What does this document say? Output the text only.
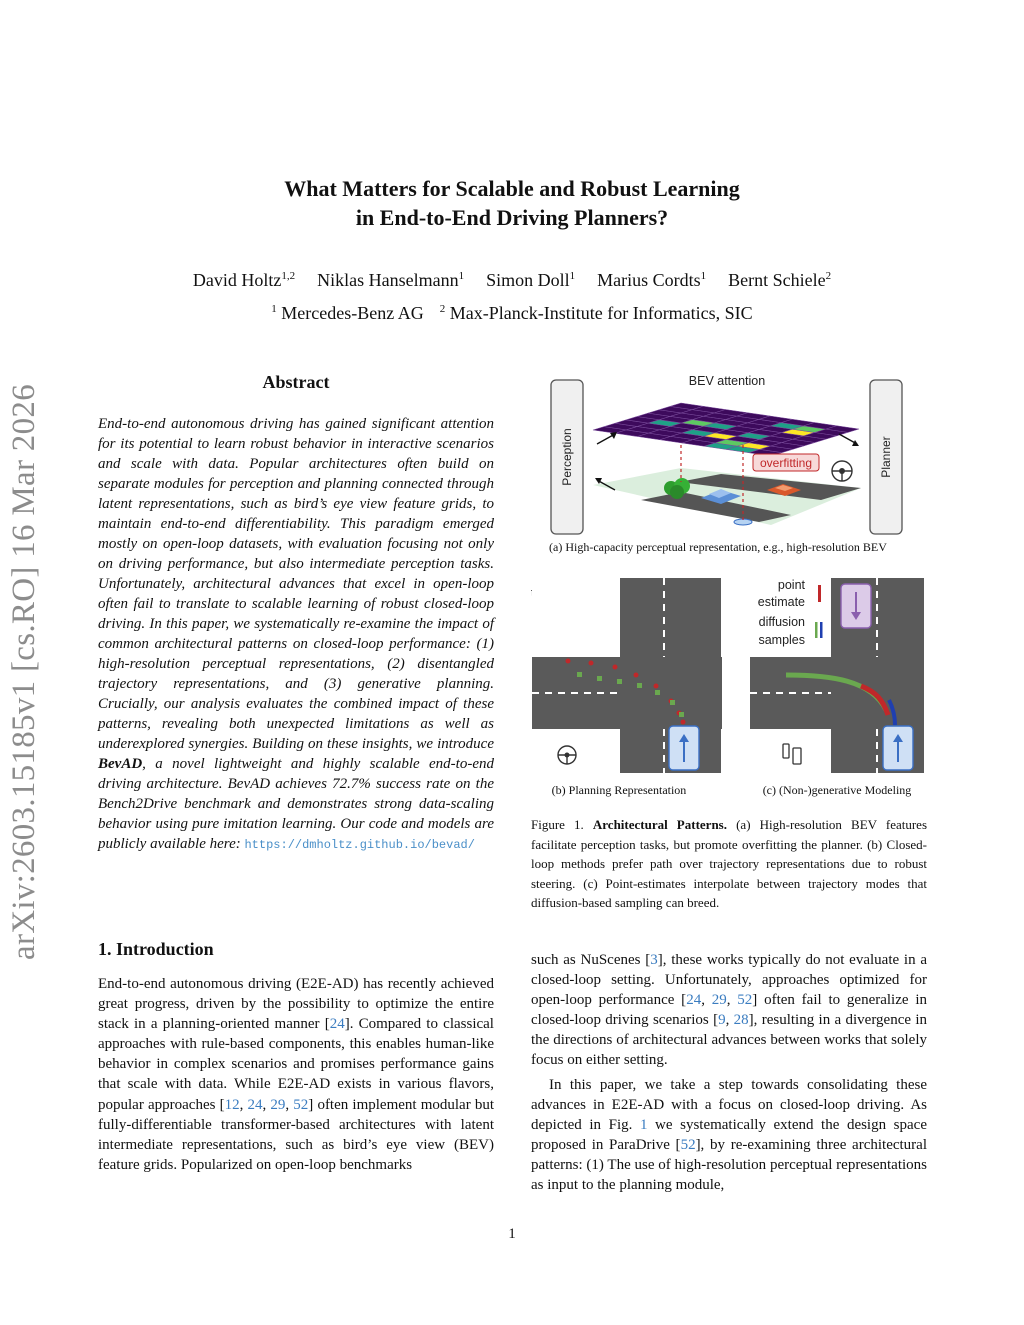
What Matters for Scalable and Robust Learning
in End-to-End Driving Planners?
David Holtz$^{1,2}$ Niklas Hanselmann$^1$ Simon Doll$^1$ Marius Cordts$^1$ Bernt Schiele$^2$
$^1$ Mercedes-Benz AG $^2$ Max-Planck-Institute for Informatics, SIC
arXiv:2603.15185v1 [cs.RO] 16 Mar 2026
Abstract
End-to-end autonomous driving has gained significant attention for its potential to learn robust behavior in interactive scenarios and scale with data. Popular architectures often build on separate modules for perception and planning connected through latent representations, such as bird’s eye view feature grids, to maintain end-to-end differentiability. This paradigm emerged mostly on open-loop datasets, with evaluation focusing not only on driving performance, but also intermediate perception tasks. Unfortunately, architectural advances that excel in open-loop often fail to translate to scalable learning of robust closed-loop driving. In this paper, we systematically re-examine the impact of common architectural patterns on closed-loop performance: (1) high-resolution perceptual representations, (2) disentangled trajectory representations, and (3) generative planning. Crucially, our analysis evaluates the combined impact of these patterns, revealing both unexpected limitations as well as underexplored synergies. Building on these insights, we introduce BevAD, a novel lightweight and highly scalable end-to-end driving architecture. BevAD achieves 72.7% success rate on the Bench2Drive benchmark and demonstrates strong data-scaling behavior using pure imitation learning. Our code and models are publicly available here: https://dmholtz.github.io/bevad/
BEV attention
Perception	Planner
overfitting
(a) High-capacity perceptual representation, e.g., high-resolution BEV
(b) Planning Representation
point
estimate
diffusion
samples
(c) (Non-)generative Modeling
Figure 1. Architectural Patterns. (a) High-resolution BEV features facilitate perception tasks, but promote overfitting the planner. (b) Closed-loop methods prefer path over trajectory representations due to robust steering. (c) Point-estimates interpolate between trajectory modes that diffusion-based sampling can breed.
1. Introduction
End-to-end autonomous driving (E2E-AD) has recently achieved great progress, driven by the possibility to optimize the entire stack in a planning-oriented manner [24]. Compared to classical approaches with rule-based components, this enables human-like behavior in complex scenarios and promises performance gains that scale with data. While E2E-AD exists in various flavors, popular approaches [12, 24, 29, 52] often implement modular but fully-differentiable transformer-based architectures with latent intermediate representations, such as bird’s eye view (BEV) feature grids. Popularized on open-loop benchmarks
such as NuScenes [3], these works typically do not evaluate in a closed-loop setting. Unfortunately, approaches optimized for open-loop performance [24, 29, 52] often fail to generalize in closed-loop driving scenarios [9, 28], resulting in a divergence in the directions of architectural advances between works that solely focus on either setting.
In this paper, we take a step towards consolidating these advances in E2E-AD with a focus on closed-loop driving. As depicted in Fig. 1 we systematically extend the design space proposed in ParaDrive [52], by re-examining three architectural patterns: (1) The use of high-resolution perceptual representations as input to the planning module,
1
